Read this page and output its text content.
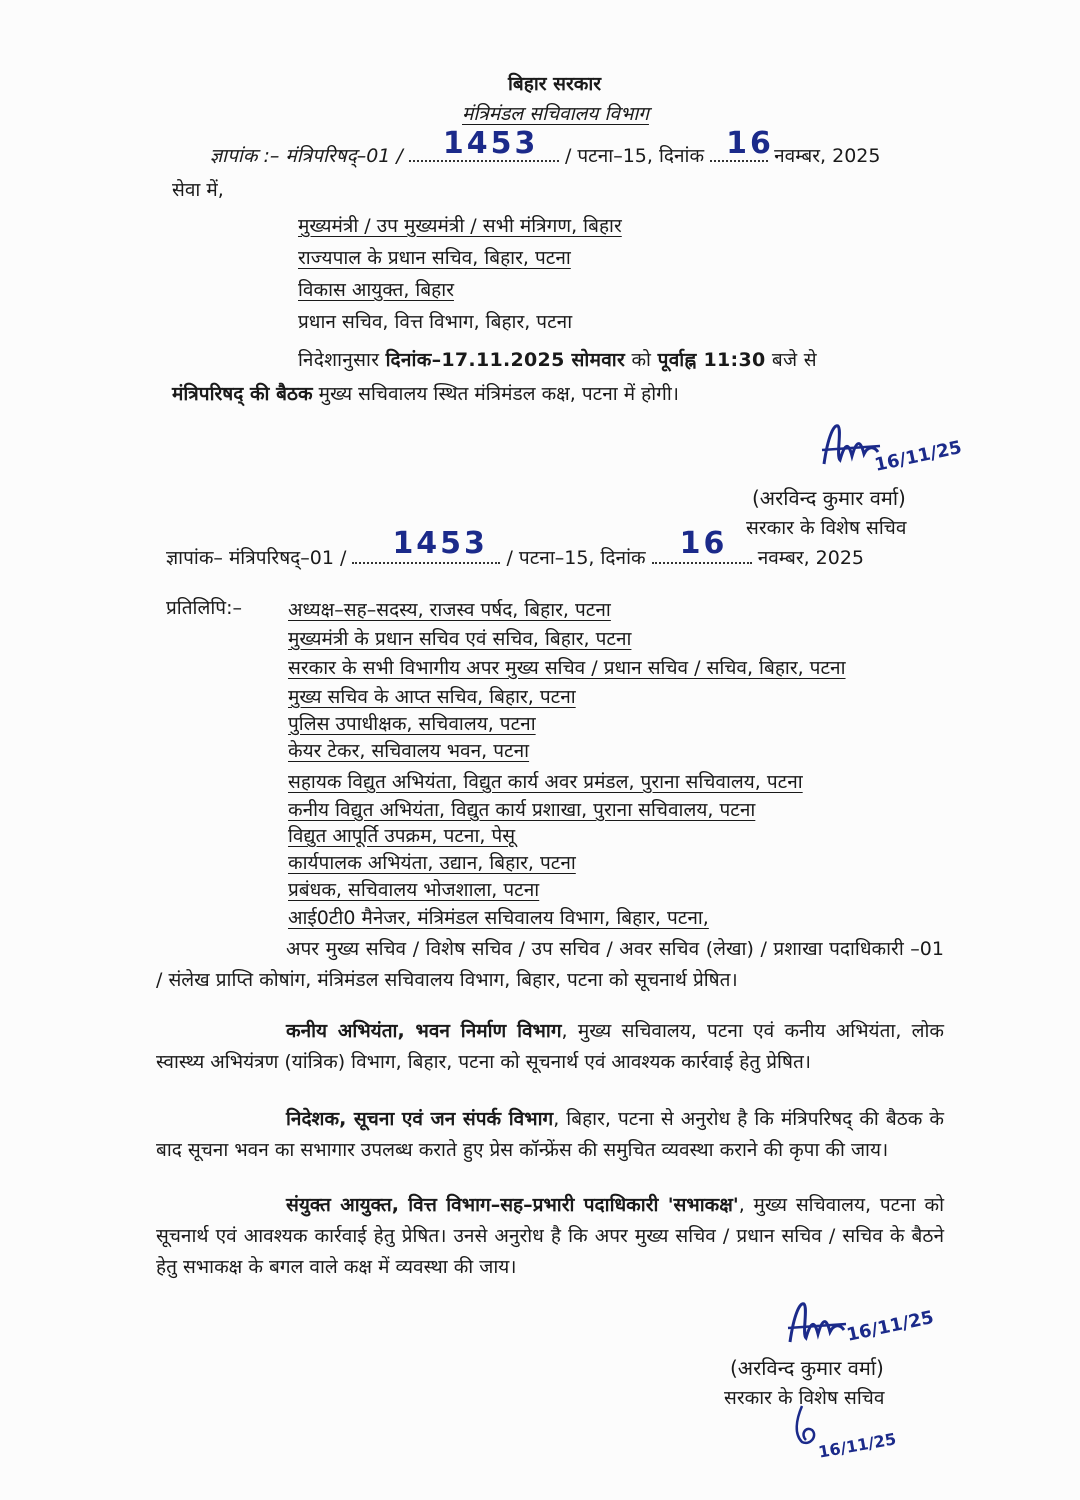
बिहार सरकार
मंत्रिमंडल सचिवालय विभाग
ज्ञापांक :– मंत्रिपरिषद्–01 / 1453 / पटना–15, दिनांक 16 नवम्बर, 2025
सेवा में,
मुख्यमंत्री / उप मुख्यमंत्री / सभी मंत्रिगण, बिहार
राज्यपाल के प्रधान सचिव, बिहार, पटना
विकास आयुक्त, बिहार
प्रधान सचिव, वित्त विभाग, बिहार, पटना
निदेशानुसार दिनांक–17.11.2025 सोमवार को पूर्वाह्न 11:30 बजे से
मंत्रिपरिषद् की बैठक मुख्य सचिवालय स्थित मंत्रिमंडल कक्ष, पटना में होगी।
16/11/25
(अरविन्द कुमार वर्मा)
सरकार के विशेष सचिव
ज्ञापांक– मंत्रिपरिषद्–01 / 1453 / पटना–15, दिनांक 16 नवम्बर, 2025
प्रतिलिपि:– अध्यक्ष–सह–सदस्य, राजस्व पर्षद, बिहार, पटना
मुख्यमंत्री के प्रधान सचिव एवं सचिव, बिहार, पटना
सरकार के सभी विभागीय अपर मुख्य सचिव / प्रधान सचिव / सचिव, बिहार, पटना
मुख्य सचिव के आप्त सचिव, बिहार, पटना
पुलिस उपाधीक्षक, सचिवालय, पटना
केयर टेकर, सचिवालय भवन, पटना
सहायक विद्युत अभियंता, विद्युत कार्य अवर प्रमंडल, पुराना सचिवालय, पटना
कनीय विद्युत अभियंता, विद्युत कार्य प्रशाखा, पुराना सचिवालय, पटना
विद्युत आपूर्ति उपक्रम, पटना, पेसू
कार्यपालक अभियंता, उद्यान, बिहार, पटना
प्रबंधक, सचिवालय भोजशाला, पटना
आई0टी0 मैनेजर, मंत्रिमंडल सचिवालय विभाग, बिहार, पटना,
अपर मुख्य सचिव / विशेष सचिव / उप सचिव / अवर सचिव (लेखा) / प्रशाखा पदाधिकारी –01 / संलेख प्राप्ति कोषांग, मंत्रिमंडल सचिवालय विभाग, बिहार, पटना को सूचनार्थ प्रेषित।
कनीय अभियंता, भवन निर्माण विभाग, मुख्य सचिवालय, पटना एवं कनीय अभियंता, लोक स्वास्थ्य अभियंत्रण (यांत्रिक) विभाग, बिहार, पटना को सूचनार्थ एवं आवश्यक कार्रवाई हेतु प्रेषित।
निदेशक, सूचना एवं जन संपर्क विभाग, बिहार, पटना से अनुरोध है कि मंत्रिपरिषद् की बैठक के बाद सूचना भवन का सभागार उपलब्ध कराते हुए प्रेस कॉन्फ्रेंस की समुचित व्यवस्था कराने की कृपा की जाय।
संयुक्त आयुक्त, वित्त विभाग–सह–प्रभारी पदाधिकारी 'सभाकक्ष', मुख्य सचिवालय, पटना को सूचनार्थ एवं आवश्यक कार्रवाई हेतु प्रेषित। उनसे अनुरोध है कि अपर मुख्य सचिव / प्रधान सचिव / सचिव के बैठने हेतु सभाकक्ष के बगल वाले कक्ष में व्यवस्था की जाय।
16/11/25
(अरविन्द कुमार वर्मा)
सरकार के विशेष सचिव
16/11/25
